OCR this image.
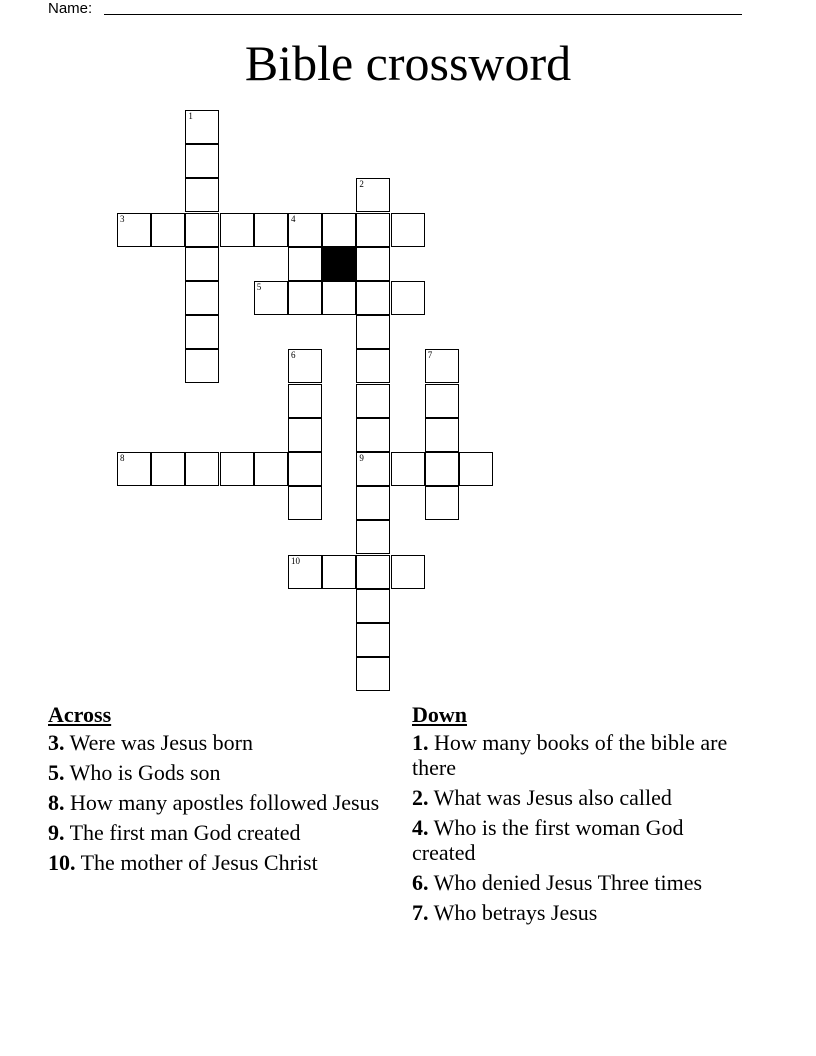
Name:
Bible crossword
1
2
9
3	4
5
6	7
8
10
Across
3. Were was Jesus born
5. Who is Gods son
8. How many apostles followed Jesus
9. The first man God created
10. The mother of Jesus Christ
Down
1. How many books of the bible are there
2. What was Jesus also called
4. Who is the first woman God created
6. Who denied Jesus Three times
7. Who betrays Jesus
